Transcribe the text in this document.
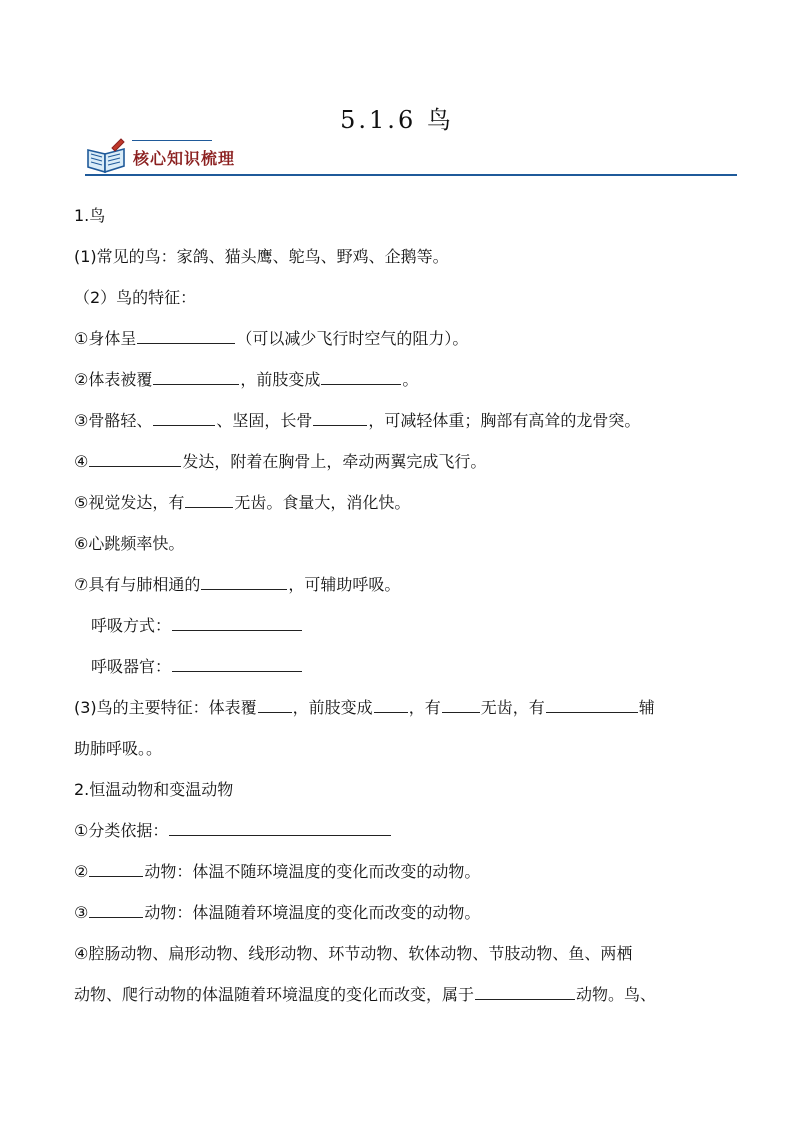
5.1.6 鸟
核心知识梳理
1.鸟
(1)常见的鸟：家鸽、猫头鹰、鸵鸟、野鸡、企鹅等。
（2）鸟的特征：
①身体呈	（可以减少飞行时空气的阻力）。
②体表被覆	，前肢变成	。
③骨骼轻、	、坚固，长骨	，可减轻体重；胸部有高耸的龙骨突。
④	发达，附着在胸骨上，牵动两翼完成飞行。
⑤视觉发达，有	无齿。食量大，消化快。
⑥心跳频率快。
⑦具有与肺相通的	，可辅助呼吸。
呼吸方式：
呼吸器官：
(3)鸟的主要特征：体表覆 ，前肢变成 ，有	无齿，有	辅
助肺呼吸。。
2.恒温动物和变温动物
①分类依据：
②	动物：体温不随环境温度的变化而改变的动物。
③	动物：体温随着环境温度的变化而改变的动物。
④腔肠动物、扁形动物、线形动物、环节动物、软体动物、节肢动物、鱼、两栖
动物、爬行动物的体温随着环境温度的变化而改变，属于	动物。鸟、
